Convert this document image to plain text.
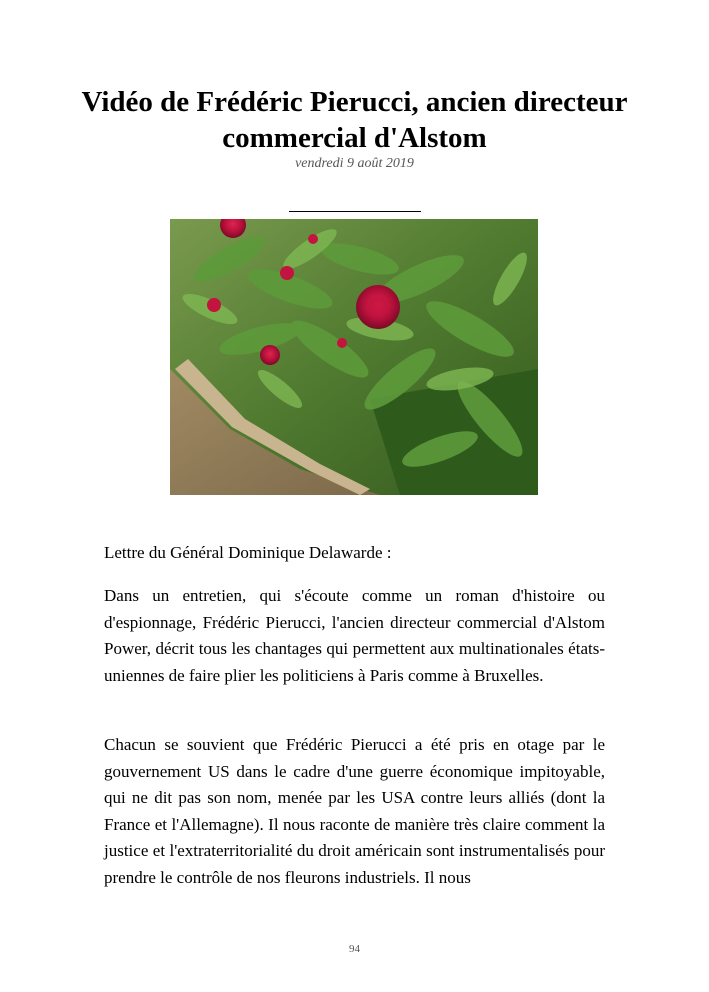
Vidéo de Frédéric Pierucci, ancien directeur commercial d'Alstom
vendredi 9 août 2019

Lettre du Général Dominique Delawarde :

Dans un entretien, qui s'écoute comme un roman d'histoire ou d'espionnage, Frédéric Pierucci, l'ancien directeur commercial d'Alstom Power, décrit tous les chantages qui permettent aux multinationales états-uniennes de faire plier les politiciens à Paris comme à Bruxelles.

Chacun se souvient que Frédéric Pierucci a été pris en otage par le gouvernement US dans le cadre d'une guerre économique impitoyable, qui ne dit pas son nom, menée par les USA contre leurs alliés (dont la France et l'Allemagne). Il nous raconte de manière très claire comment la justice et l'extraterritorialité du droit américain sont instrumentalisés pour prendre le contrôle de nos fleurons industriels. Il nous

94
